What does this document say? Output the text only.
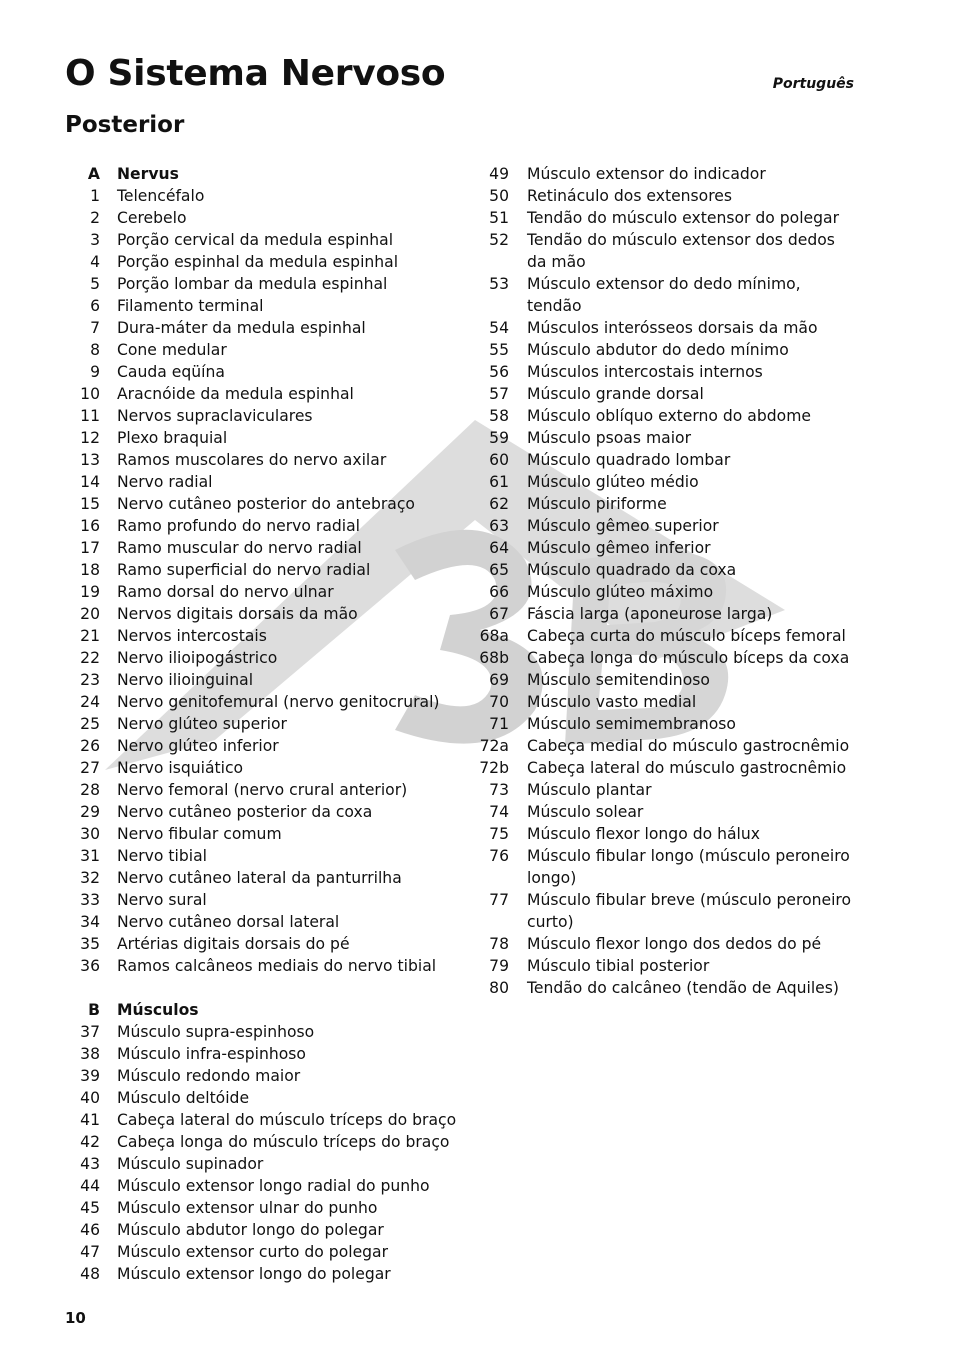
O Sistema Nervoso	Português
Posterior
A Nervus
1 Telencéfalo
2 Cerebelo
3 Porção cervical da medula espinhal
4 Porção espinhal da medula espinhal
5 Porção lombar da medula espinhal
6 Filamento terminal
7 Dura-máter da medula espinhal
8 Cone medular
9 Cauda eqüína
10 Aracnóide da medula espinhal
11 Nervos supraclaviculares
12 Plexo braquial
13 Ramos muscolares do nervo axilar
14 Nervo radial
15 Nervo cutâneo posterior do antebraço
16 Ramo profundo do nervo radial
17 Ramo muscular do nervo radial
18 Ramo superficial do nervo radial
19 Ramo dorsal do nervo ulnar
20 Nervos digitais dorsais da mão
21 Nervos intercostais
22 Nervo ilioipogástrico
23 Nervo ilioinguinal
24 Nervo genitofemural (nervo genitocrural)
25 Nervo glúteo superior
26 Nervo glúteo inferior
27 Nervo isquiático
28 Nervo femoral (nervo crural anterior)
29 Nervo cutâneo posterior da coxa
30 Nervo fibular comum
31 Nervo tibial
32 Nervo cutâneo lateral da panturrilha
33 Nervo sural
34 Nervo cutâneo dorsal lateral
35 Artérias digitais dorsais do pé
36 Ramos calcâneos mediais do nervo tibial
B Músculos
37 Músculo supra-espinhoso
38 Músculo infra-espinhoso
39 Músculo redondo maior
40 Músculo deltóide
41 Cabeça lateral do músculo tríceps do braço
42 Cabeça longa do músculo tríceps do braço
43 Músculo supinador
44 Músculo extensor longo radial do punho
45 Músculo extensor ulnar do punho
46 Músculo abdutor longo do polegar
47 Músculo extensor curto do polegar
48 Músculo extensor longo do polegar
49 Músculo extensor do indicador
50 Retináculo dos extensores
51 Tendão do músculo extensor do polegar
52 Tendão do músculo extensor dos dedos da mão
53 Músculo extensor do dedo mínimo, tendão
54 Músculos interósseos dorsais da mão
55 Músculo abdutor do dedo mínimo
56 Músculos intercostais internos
57 Músculo grande dorsal
58 Músculo oblíquo externo do abdome
59 Músculo psoas maior
60 Músculo quadrado lombar
61 Músculo glúteo médio
62 Músculo piriforme
63 Músculo gêmeo superior
64 Músculo gêmeo inferior
65 Músculo quadrado da coxa
66 Músculo glúteo máximo
67 Fáscia larga (aponeurose larga)
68a Cabeça curta do músculo bíceps femoral
68b Cabeça longa do músculo bíceps da coxa
69 Músculo semitendinoso
70 Músculo vasto medial
71 Músculo semimembranoso
72a Cabeça medial do músculo gastrocnêmio
72b Cabeça lateral do músculo gastrocnêmio
73 Músculo plantar
74 Músculo solear
75 Músculo flexor longo do hálux
76 Músculo fibular longo (músculo peroneiro longo)
77 Músculo fibular breve (músculo peroneiro curto)
78 Músculo flexor longo dos dedos do pé
79 Músculo tibial posterior
80 Tendão do calcâneo (tendão de Aquiles)
10
